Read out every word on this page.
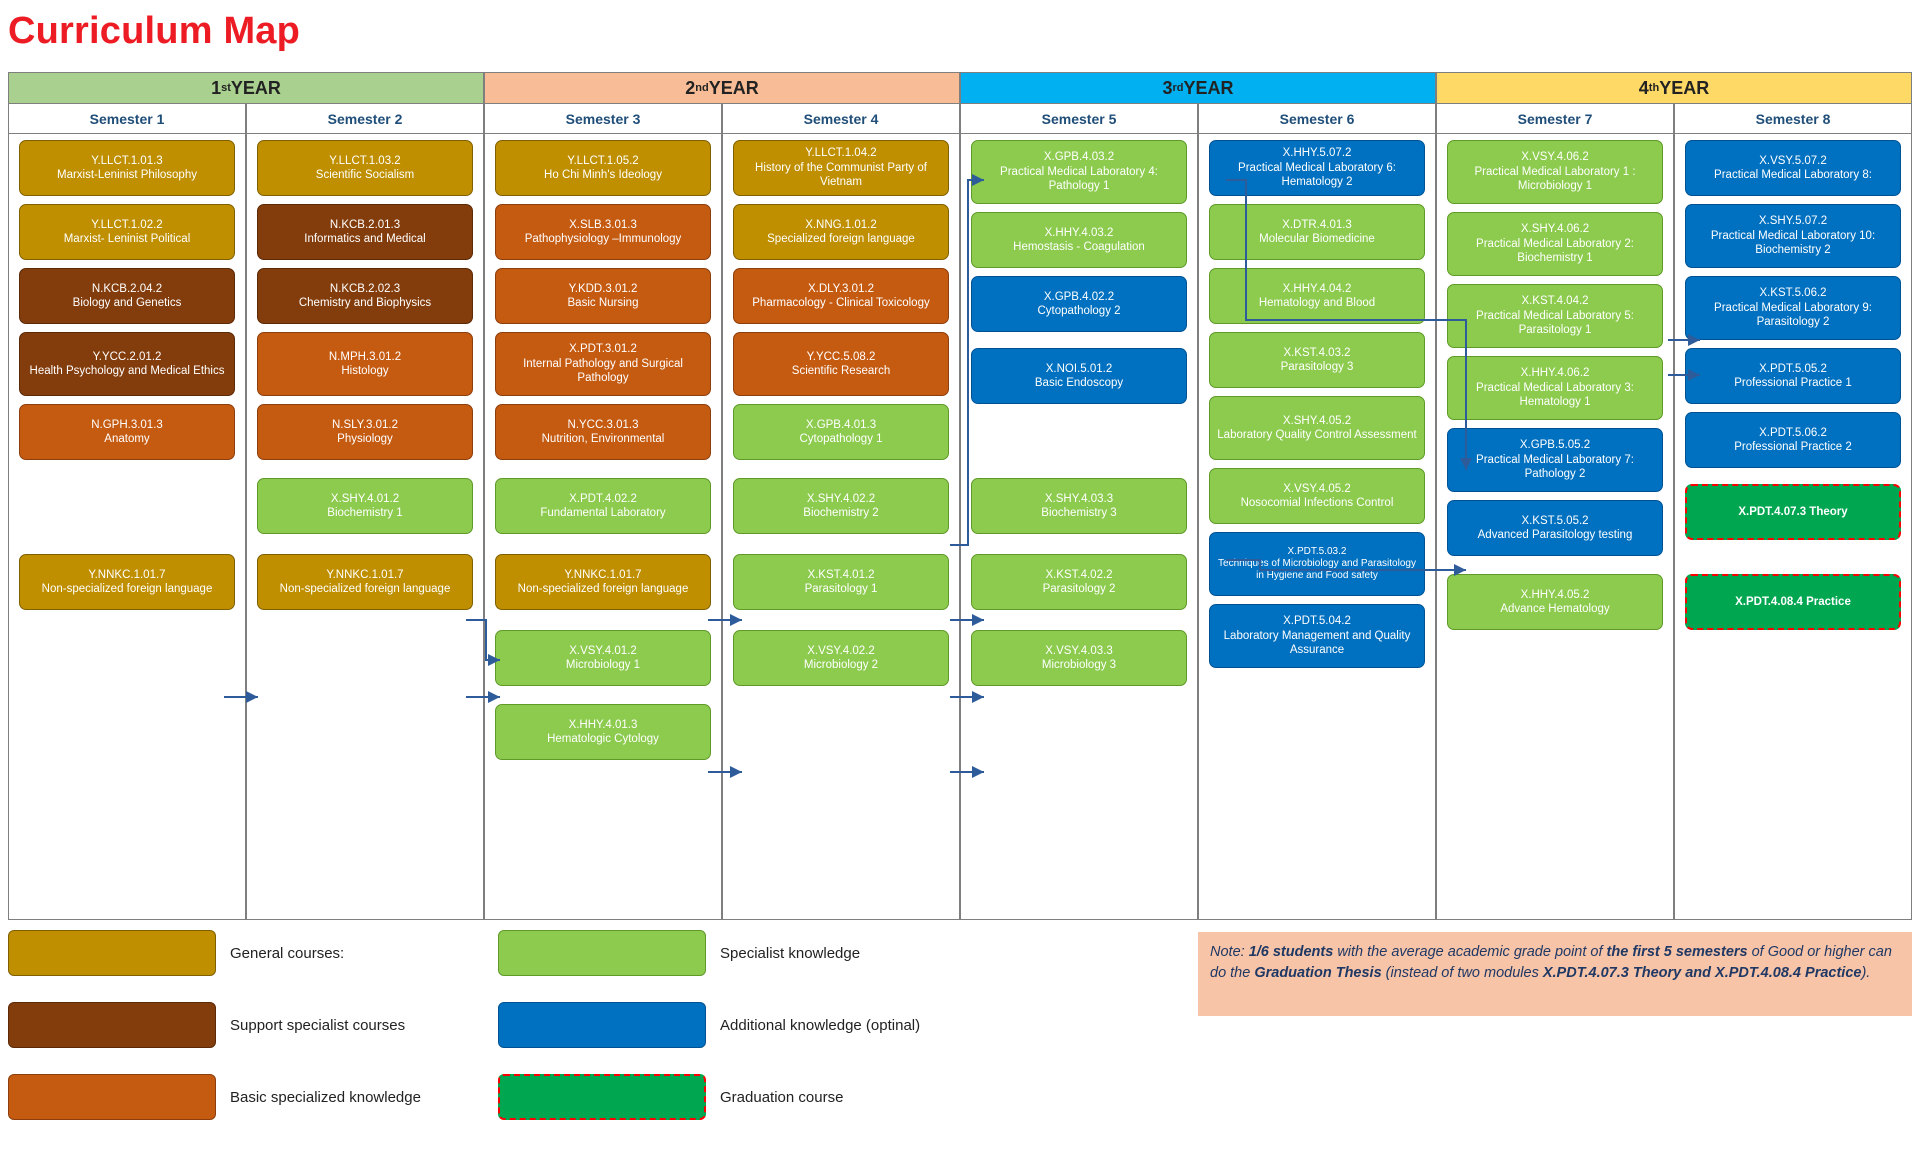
Curriculum Map
1 st YEAR	2 nd YEAR	3 rd YEAR	4 th YEAR
Semester 1	Semester 2	Semester 3	Semester 4	Semester 5	Semester 6	Semester 7	Semester 8
Y.LLCT.1.01.3
Marxist-Leninist Philosophy
Y.LLCT.1.02.2
Marxist- Leninist Political
N.KCB.2.04.2
Biology and Genetics
Y.YCC.2.01.2
Health Psychology and Medical Ethics
N.GPH.3.01.3
Anatomy
Y.NNKC.1.01.7
Non-specialized foreign language
Y.LLCT.1.03.2
Scientific Socialism
N.KCB.2.01.3
Informatics and Medical
N.KCB.2.02.3
Chemistry and Biophysics
N.MPH.3.01.2
Histology
N.SLY.3.01.2
Physiology
X.SHY.4.01.2
Biochemistry 1
Y.NNKC.1.01.7
Non-specialized foreign language
Y.LLCT.1.05.2
Ho Chi Minh's Ideology
X.SLB.3.01.3
Pathophysiology –Immunology
Y.KDD.3.01.2
Basic Nursing
X.PDT.3.01.2
Internal Pathology and Surgical Pathology
N.YCC.3.01.3
Nutrition, Environmental
X.PDT.4.02.2
Fundamental Laboratory
Y.NNKC.1.01.7
Non-specialized foreign language
X.VSY.4.01.2
Microbiology 1
X.HHY.4.01.3
Hematologic Cytology
Y.LLCT.1.04.2
History of the Communist Party of Vietnam
X.NNG.1.01.2
Specialized foreign language
X.DLY.3.01.2
Pharmacology - Clinical Toxicology
Y.YCC.5.08.2
Scientific Research
X.GPB.4.01.3
Cytopathology 1
X.SHY.4.02.2
Biochemistry 2
X.KST.4.01.2
Parasitology 1
X.VSY.4.02.2
Microbiology 2
X.GPB.4.03.2
Practical Medical Laboratory 4: Pathology 1
X.HHY.4.03.2
Hemostasis - Coagulation
X.GPB.4.02.2
Cytopathology 2
X.NOI.5.01.2
Basic Endoscopy
X.SHY.4.03.3
Biochemistry 3
X.KST.4.02.2
Parasitology 2
X.VSY.4.03.3
Microbiology 3
X.HHY.5.07.2
Practical Medical Laboratory 6: Hematology 2
X.DTR.4.01.3
Molecular Biomedicine
X.HHY.4.04.2
Hematology and Blood
X.KST.4.03.2
Parasitology 3
X.SHY.4.05.2
Laboratory Quality Control Assessment
X.VSY.4.05.2
Nosocomial Infections Control
X.PDT.5.03.2
Techniques of Microbiology and Parasitology in Hygiene and Food safety
X.PDT.5.04.2
Laboratory Management and Quality Assurance
X.VSY.4.06.2
Practical Medical Laboratory 1 : Microbiology 1
X.SHY.4.06.2
Practical Medical Laboratory 2: Biochemistry 1
X.KST.4.04.2
Practical Medical Laboratory 5: Parasitology 1
X.HHY.4.06.2
Practical Medical Laboratory 3: Hematology 1
X.GPB.5.05.2
Practical Medical Laboratory 7: Pathology 2
X.KST.5.05.2
Advanced Parasitology testing
X.HHY.4.05.2
Advance Hematology
X.VSY.5.07.2
Practical Medical Laboratory 8:
X.SHY.5.07.2
Practical Medical Laboratory 10: Biochemistry 2
X.KST.5.06.2
Practical Medical Laboratory 9: Parasitology 2
X.PDT.5.05.2
Professional Practice 1
X.PDT.5.06.2
Professional Practice 2
X.PDT.4.07.3 Theory
X.PDT.4.08.4 Practice
General courses:
Support specialist courses
Basic specialized knowledge
Specialist knowledge
Additional knowledge (optinal)
Graduation course
Note: 1/6 students with the average academic grade point of the first 5 semesters of Good or higher can do the Graduation Thesis (instead of two modules X.PDT.4.07.3 Theory and X.PDT.4.08.4 Practice).
